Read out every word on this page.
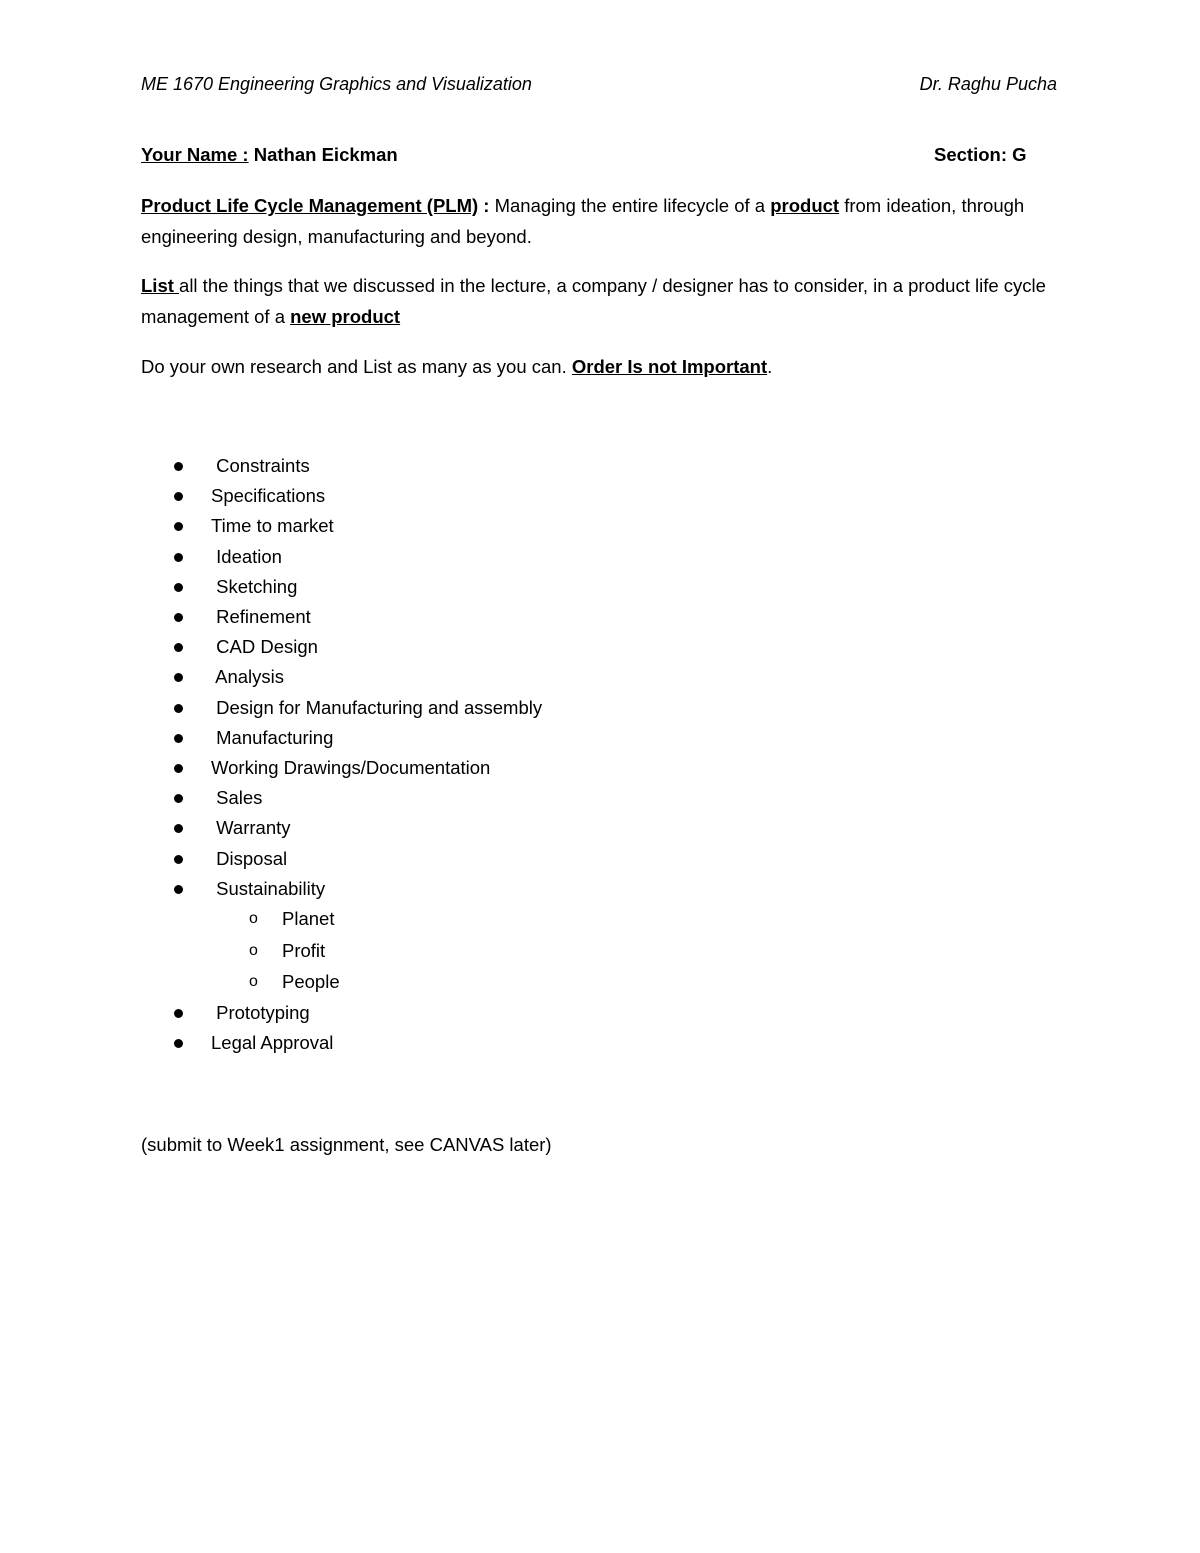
ME 1670 Engineering Graphics and Visualization	Dr. Raghu Pucha
Your Name : Nathan Eickman	Section: G
Product Life Cycle Management (PLM) : Managing the entire lifecycle of a product from ideation, through engineering design, manufacturing and beyond.
List all the things that we discussed in the lecture, a company / designer has to consider, in a product life cycle management of a new product
Do your own research and List as many as you can. Order Is not Important.
Constraints
Specifications
Time to market
Ideation
Sketching
Refinement
CAD Design
Analysis
Design for Manufacturing and assembly
Manufacturing
Working Drawings/Documentation
Sales
Warranty
Disposal
Sustainability
o Planet
o Profit
o People
Prototyping
Legal Approval
(submit to Week1 assignment, see CANVAS later)
